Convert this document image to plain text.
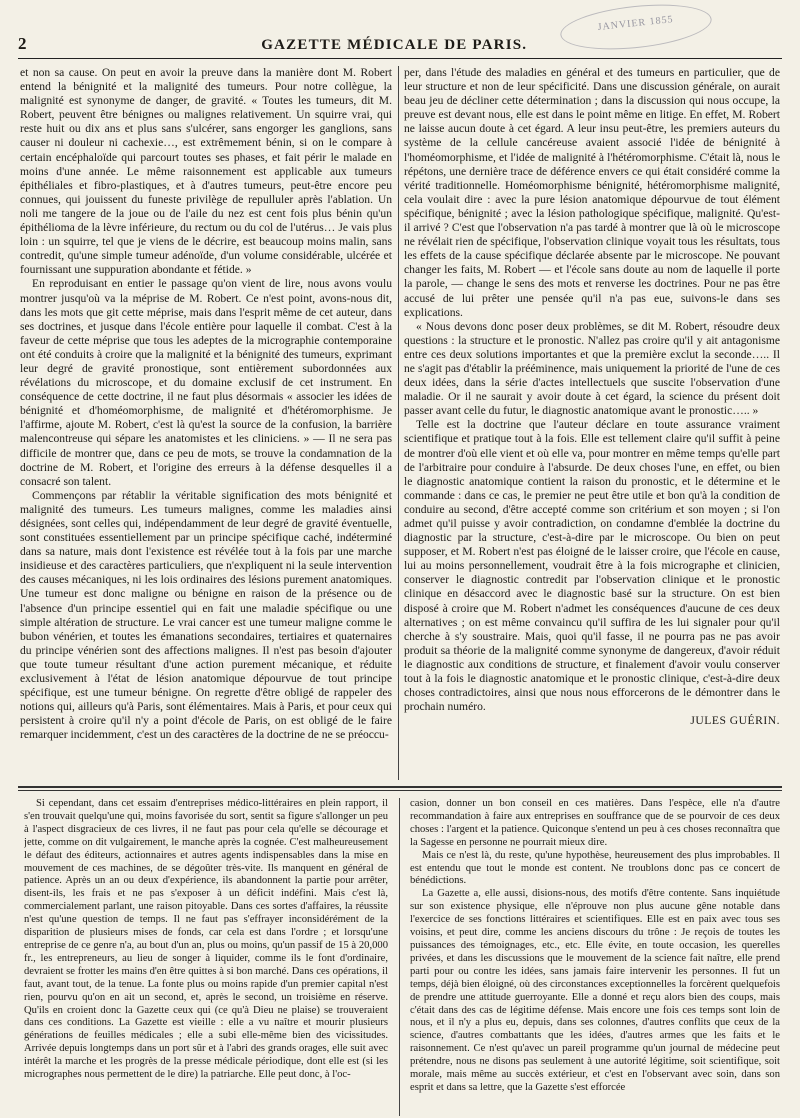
JANVIER 1855
2	GAZETTE MÉDICALE DE PARIS.

et non sa cause. On peut en avoir la preuve dans la manière dont M. Robert entend la bénignité et la malignité des tumeurs. Pour notre collègue, la malignité est synonyme de danger, de gravité. « Toutes les tumeurs, dit M. Robert, peuvent être bénignes ou malignes relativement. Un squirre vrai, qui reste huit ou dix ans et plus sans s'ulcérer, sans engorger les ganglions, sans causer ni douleur ni cachexie…, est extrêmement bénin, si on le compare à certain encéphaloïde qui parcourt toutes ses phases, et fait périr le malade en moins d'une année. Le même raisonnement est applicable aux tumeurs épithéliales et fibro-plastiques, et à d'autres tumeurs, peut-être encore peu connues, qui jouissent du funeste privilège de repulluler après l'ablation. Un noli me tangere de la joue ou de l'aile du nez est cent fois plus bénin qu'un épithélioma de la lèvre inférieure, du rectum ou du col de l'utérus… Je vais plus loin : un squirre, tel que je viens de le décrire, est beaucoup moins malin, sans contredit, qu'une simple tumeur adénoïde, d'un volume considérable, ulcérée et fournissant une suppuration abondante et fétide. »

En reproduisant en entier le passage qu'on vient de lire, nous avons voulu montrer jusqu'où va la méprise de M. Robert. Ce n'est point, avons-nous dit, dans les mots que git cette méprise, mais dans l'esprit même de cet auteur, dans ses doctrines, et jusque dans l'école entière pour laquelle il combat. C'est à la faveur de cette méprise que tous les adeptes de la micrographie contemporaine ont été conduits à croire que la malignité et la bénignité des tumeurs, exprimant leur degré de gravité pronostique, sont entièrement subordonnées aux révélations du microscope, et du domaine exclusif de cet instrument. En conséquence de cette doctrine, il ne faut plus désormais « associer les idées de bénignité et d'homéomorphisme, de malignité et d'hétéromorphisme. Je l'affirme, ajoute M. Robert, c'est là qu'est la source de la confusion, la barrière malencontreuse qui sépare les anatomistes et les cliniciens. » — Il ne sera pas difficile de montrer que, dans ce peu de mots, se trouve la condamnation de la doctrine de M. Robert, et l'origine des erreurs à la défense desquelles il a consacré son talent.

Commençons par rétablir la véritable signification des mots bénignité et malignité des tumeurs. Les tumeurs malignes, comme les maladies ainsi désignées, sont celles qui, indépendamment de leur degré de gravité éventuelle, sont constituées essentiellement par un principe spécifique caché, indéterminé dans sa nature, mais dont l'existence est révélée tout à la fois par une marche insidieuse et des caractères particuliers, que n'expliquent ni la seule intervention des causes mécaniques, ni les lois ordinaires des lésions purement anatomiques. Une tumeur est donc maligne ou bénigne en raison de la présence ou de l'absence d'un principe essentiel qui en fait une maladie spécifique ou une simple altération de structure. Le vrai cancer est une tumeur maligne comme le bubon vénérien, et toutes les émanations secondaires, tertiaires et quaternaires du principe vénérien sont des affections malignes. Il n'est pas besoin d'ajouter que toute tumeur résultant d'une action purement mécanique, et réduite exclusivement à l'état de lésion anatomique dépourvue de tout principe spécifique, est une tumeur bénigne. On regrette d'être obligé de rappeler des notions qui, ailleurs qu'à Paris, sont élémentaires. Mais à Paris, et pour ceux qui persistent à croire qu'il n'y a point d'école de Paris, on est obligé de le faire remarquer incidemment, c'est un des caractères de la doctrine de ne se préoccu-

per, dans l'étude des maladies en général et des tumeurs en particulier, que de leur structure et non de leur spécificité. Dans une discussion générale, on aurait beau jeu de décliner cette détermination ; dans la discussion qui nous occupe, la preuve est devant nous, elle est dans le point même en litige. En effet, M. Robert ne laisse aucun doute à cet égard. A leur insu peut-être, les premiers auteurs du système de la cellule cancéreuse avaient associé l'idée de bénignité à l'homéomorphisme, et l'idée de malignité à l'hétéromorphisme. C'était là, nous le répétons, une dernière trace de déférence envers ce qui était considéré comme la vérité traditionnelle. Homéomorphisme bénignité, hétéromorphisme malignité, cela voulait dire : avec la pure lésion anatomique dépourvue de tout élément spécifique, bénignité ; avec la lésion pathologique spécifique, malignité. Qu'est-il arrivé ? C'est que l'observation n'a pas tardé à montrer que là où le microscope ne révélait rien de spécifique, l'observation clinique voyait tous les résultats, tous les effets de la cause spécifique déclarée absente par le microscope. Ne pouvant changer les faits, M. Robert — et l'école sans doute au nom de laquelle il porte la parole, — change le sens des mots et renverse les doctrines. Pour ne pas être accusé de lui prêter une pensée qu'il n'a pas eue, suivons-le dans ses explications.

« Nous devons donc poser deux problèmes, se dit M. Robert, résoudre deux questions : la structure et le pronostic. N'allez pas croire qu'il y ait antagonisme entre ces deux solutions importantes et que la première exclut la seconde….. Il ne s'agit pas d'établir la prééminence, mais uniquement la priorité de l'une de ces deux idées, dans la série d'actes intellectuels que suscite l'observation d'une maladie. Or il ne saurait y avoir doute à cet égard, la science du présent doit passer avant celle du futur, le diagnostic anatomique avant le pronostic….. »

Telle est la doctrine que l'auteur déclare en toute assurance vraiment scientifique et pratique tout à la fois. Elle est tellement claire qu'il suffit à peine de montrer d'où elle vient et où elle va, pour montrer en même temps qu'elle part de l'arbitraire pour conduire à l'absurde. De deux choses l'une, en effet, ou bien le diagnostic anatomique contient la raison du pronostic, et le détermine et le commande : dans ce cas, le premier ne peut être utile et bon qu'à la condition de conduire au second, d'être accepté comme son critérium et son moyen ; si l'on admet qu'il puisse y avoir contradiction, on condamne d'emblée la doctrine du diagnostic par la structure, c'est-à-dire par le microscope. Ou bien on peut supposer, et M. Robert n'est pas éloigné de le laisser croire, que l'école en cause, lui au moins personnellement, voudrait être à la fois micrographe et clinicien, conserver le diagnostic contredit par l'observation clinique et le pronostic clinique en désaccord avec le diagnostic basé sur la structure. On est bien disposé à croire que M. Robert n'admet les conséquences d'aucune de ces deux alternatives ; on est même convaincu qu'il suffira de les lui signaler pour qu'il cherche à s'y soustraire. Mais, quoi qu'il fasse, il ne pourra pas ne pas avoir produit sa théorie de la malignité comme synonyme de dangereux, d'avoir réduit le diagnostic aux conditions de structure, et finalement d'avoir voulu conserver tout à la fois le diagnostic anatomique et le pronostic clinique, c'est-à-dire deux choses contradictoires, ainsi que nous nous efforcerons de le démontrer dans le prochain numéro.

JULES GUÉRIN.

Si cependant, dans cet essaim d'entreprises médico-littéraires en plein rapport, il s'en trouvait quelqu'une qui, moins favorisée du sort, sentit sa figure s'allonger un peu à l'aspect disgracieux de ces livres, il ne faut pas pour cela qu'elle se décourage et jette, comme on dit vulgairement, le manche après la cognée. C'est malheureusement le défaut des éditeurs, actionnaires et autres agents indispensables dans la mise en mouvement de ces machines, de se dégoûter très-vite. Ils manquent en général de patience. Après un an ou deux d'expérience, ils abandonnent la partie pour arrêter, disent-ils, les frais et ne pas s'exposer à un déficit indéfini. Mais c'est là, commercialement parlant, une raison pitoyable. Dans ces sortes d'affaires, la réussite n'est qu'une question de temps. Il ne faut pas s'effrayer inconsidérément de la disparition de plusieurs mises de fonds, car cela est dans l'ordre ; et lorsqu'une entreprise de ce genre n'a, au bout d'un an, plus ou moins, qu'un passif de 15 à 20,000 fr., les entrepreneurs, au lieu de songer à liquider, comme ils le font d'ordinaire, devraient se frotter les mains d'en être quittes à si bon marché. Dans ces opérations, il faut, avant tout, de la tenue. La fonte plus ou moins rapide d'un premier capital n'est rien, pourvu qu'on en ait un second, et, après le second, un troisième en réserve. Qu'ils en croient donc la Gazette ceux qui (ce qu'à Dieu ne plaise) se trouveraient dans ces conditions. La Gazette est vieille : elle a vu naître et mourir plusieurs générations de feuilles médicales ; elle a subi elle-même bien des vicissitudes. Arrivée depuis longtemps dans un port sûr et à l'abri des grands orages, elle suit avec intérêt la marche et les progrès de la presse médicale périodique, dont elle est (si les micrographes nous permettent de le dire) la patriarche. Elle peut donc, à l'oc-

casion, donner un bon conseil en ces matières. Dans l'espèce, elle n'a d'autre recommandation à faire aux entreprises en souffrance que de se pourvoir de ces deux choses : l'argent et la patience. Quiconque s'entend un peu à ces choses reconnaîtra que la Sagesse en personne ne pourrait mieux dire.

Mais ce n'est là, du reste, qu'une hypothèse, heureusement des plus improbables. Il est entendu que tout le monde est content. Ne troublons donc pas ce concert de bénédictions.

La Gazette a, elle aussi, disions-nous, des motifs d'être contente. Sans inquiétude sur son existence physique, elle n'éprouve non plus aucune gêne notable dans l'exercice de ses fonctions littéraires et scientifiques. Elle est en paix avec tous ses voisins, et peut dire, comme les anciens discours du trône : Je reçois de toutes les puissances des témoignages, etc., etc. Elle évite, en toute occasion, les querelles privées, et dans les discussions que le mouvement de la science fait naître, elle prend parti pour ou contre les idées, sans jamais faire intervenir les personnes. Il fut un temps, déjà bien éloigné, où des circonstances exceptionnelles la forcèrent quelquefois de prendre une attitude guerroyante. Elle a donné et reçu alors bien des coups, mais c'était dans des cas de légitime défense. Mais encore une fois ces temps sont loin de nous, et il n'y a plus eu, depuis, dans ses colonnes, d'autres conflits que ceux de la science, d'autres combattants que les idées, d'autres armes que les faits et le raisonnement. Ce n'est qu'avec un pareil programme qu'un journal de médecine peut prétendre, nous ne disons pas seulement à une autorité légitime, soit scientifique, soit morale, mais même au succès extérieur, et c'est en l'observant avec soin, dans son esprit et dans sa lettre, que la Gazette s'est efforcée
